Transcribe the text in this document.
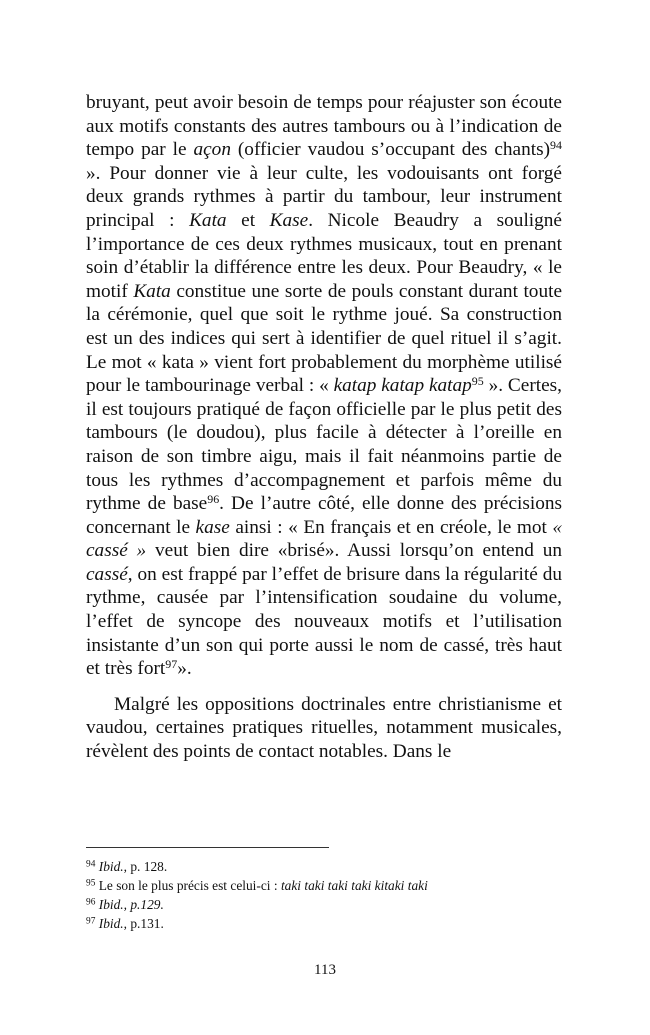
bruyant, peut avoir besoin de temps pour réajuster son écoute aux motifs constants des autres tambours ou à l’indication de tempo par le açon (officier vaudou s’occupant des chants)$^{94}$ ». Pour donner vie à leur culte, les vodouisants ont forgé deux grands rythmes à partir du tambour, leur instrument principal : Kata et Kase. Nicole Beaudry a souligné l’importance de ces deux rythmes musicaux, tout en prenant soin d’établir la différence entre les deux. Pour Beaudry, « le motif Kata constitue une sorte de pouls constant durant toute la cérémonie, quel que soit le rythme joué. Sa construction est un des indices qui sert à identifier de quel rituel il s’agit. Le mot « kata » vient fort probablement du morphème utilisé pour le tambourinage verbal : « katap katap katap$^{95}$ ». Certes, il est toujours pratiqué de façon officielle par le plus petit des tambours (le doudou), plus facile à détecter à l’oreille en raison de son timbre aigu, mais il fait néanmoins partie de tous les rythmes d’accompagnement et parfois même du rythme de base$^{96}$. De l’autre côté, elle donne des précisions concernant le kase ainsi : « En français et en créole, le mot « cassé » veut bien dire «brisé». Aussi lorsqu’on entend un cassé, on est frappé par l’effet de brisure dans la régularité du rythme, causée par l’intensification soudaine du volume, l’effet de syncope des nouveaux motifs et l’utilisation insistante d’un son qui porte aussi le nom de cassé, très haut et très fort$^{97}$».

Malgré les oppositions doctrinales entre christianisme et vaudou, certaines pratiques rituelles, notamment musicales, révèlent des points de contact notables. Dans le

$^{94}$ Ibid., p. 128.
$^{95}$ Le son le plus précis est celui-ci : taki taki taki taki kitaki taki
$^{96}$ Ibid., p.129.
$^{97}$ Ibid., p.131.
113
